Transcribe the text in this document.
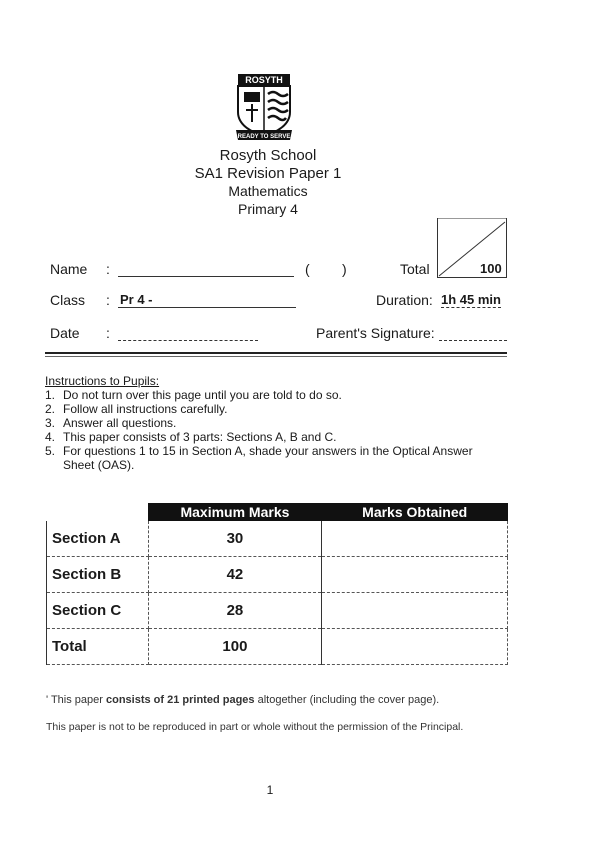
ROSYTH
READY TO SERVE
Rosyth School
SA1 Revision Paper 1
Mathematics
Primary 4
Name :	( )	Total	100
Class : Pr 4 -	Duration: 1h 45 min
Date :	Parent's Signature:
Instructions to Pupils:
1. Do not turn over this page until you are told to do so.
2. Follow all instructions carefully.
3. Answer all questions.
4. This paper consists of 3 parts: Sections A, B and C.
5. For questions 1 to 15 in Section A, shade your answers in the Optical Answer Sheet (OAS).
	Maximum Marks	Marks Obtained
Section A	30	
Section B	42	
Section C	28	
Total	100	
' This paper consists of 21 printed pages altogether (including the cover page).
This paper is not to be reproduced in part or whole without the permission of the Principal.
1
